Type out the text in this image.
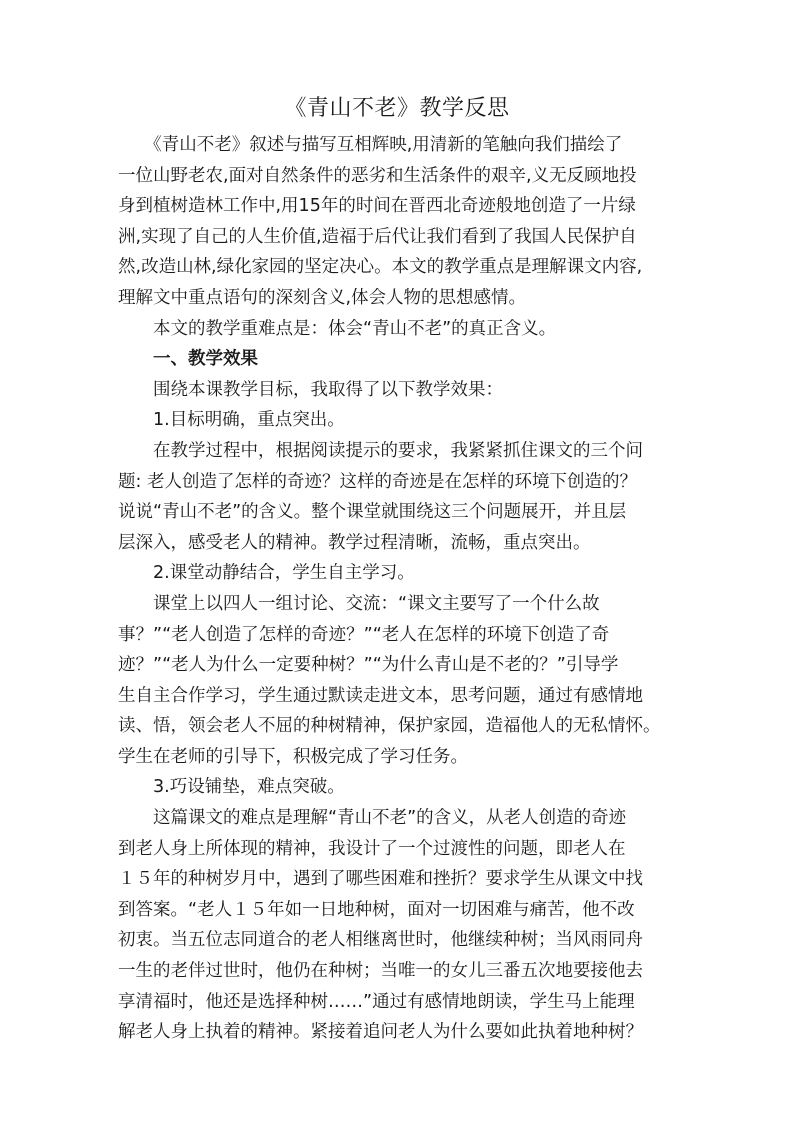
《青山不老》教学反思
　　《青山不老》叙述与描写互相辉映,用清新的笔触向我们描绘了
一位山野老农,面对自然条件的恶劣和生活条件的艰辛,义无反顾地投
身到植树造林工作中,用15年的时间在晋西北奇迹般地创造了一片绿
洲,实现了自己的人生价值,造福于后代让我们看到了我国人民保护自
然,改造山林,绿化家园的坚定决心。本文的教学重点是理解课文内容,
理解文中重点语句的深刻含义,体会人物的思想感情。
　　本文的教学重难点是：体会“青山不老”的真正含义。
　　一、教学效果
　　围绕本课教学目标，我取得了以下教学效果：
　　1.目标明确，重点突出。
　　在教学过程中，根据阅读提示的要求，我紧紧抓住课文的三个问
题: 老人创造了怎样的奇迹？这样的奇迹是在怎样的环境下创造的？
说说“青山不老”的含义。整个课堂就围绕这三个问题展开，并且层
层深入，感受老人的精神。教学过程清晰，流畅，重点突出。
　　2.课堂动静结合，学生自主学习。
　　课堂上以四人一组讨论、交流：“课文主要写了一个什么故
事？”“老人创造了怎样的奇迹？”“老人在怎样的环境下创造了奇
迹？”“老人为什么一定要种树？”“为什么青山是不老的？”引导学
生自主合作学习，学生通过默读走进文本，思考问题，通过有感情地
读、悟，领会老人不屈的种树精神，保护家园，造福他人的无私情怀。
学生在老师的引导下，积极完成了学习任务。
　　3.巧设铺垫，难点突破。
　　这篇课文的难点是理解“青山不老”的含义，从老人创造的奇迹
到老人身上所体现的精神，我设计了一个过渡性的问题，即老人在
１５年的种树岁月中，遇到了哪些困难和挫折？要求学生从课文中找
到答案。“老人１５年如一日地种树，面对一切困难与痛苦，他不改
初衷。当五位志同道合的老人相继离世时，他继续种树；当风雨同舟
一生的老伴过世时，他仍在种树；当唯一的女儿三番五次地要接他去
享清福时，他还是选择种树……”通过有感情地朗读，学生马上能理
解老人身上执着的精神。紧接着追问老人为什么要如此执着地种树？
